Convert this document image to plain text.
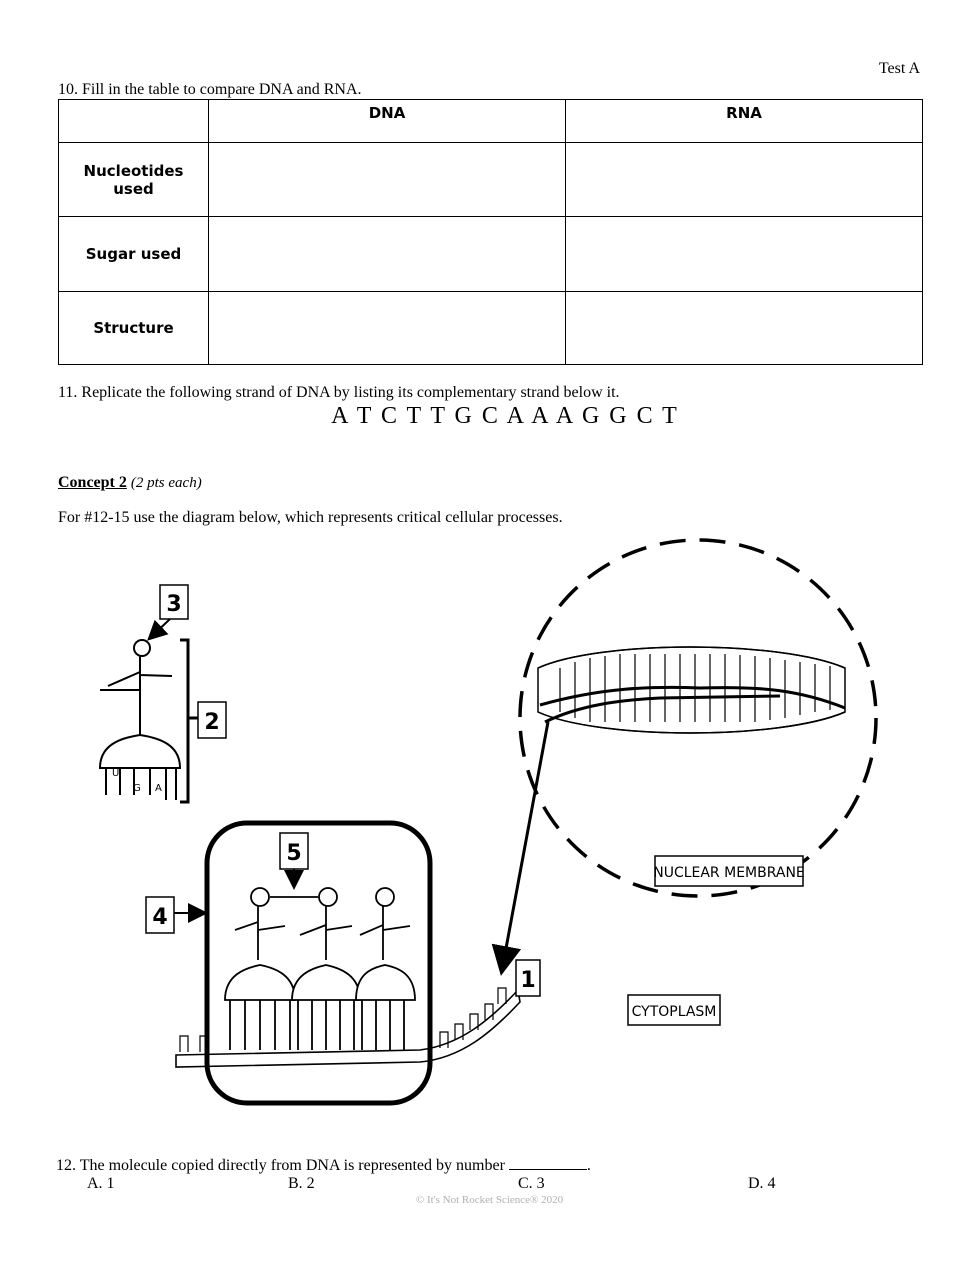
Test A
10. Fill in the table to compare DNA and RNA.
	DNA	RNA
Nucleotides used		
Sugar used		
Structure		
11. Replicate the following strand of DNA by listing its complementary strand below it.
A T C T T G C A A A G G C T
Concept 2 (2 pts each)
For #12-15 use the diagram below, which represents critical cellular processes.
U
G A
3
2
5
4
1
NUCLEAR MEMBRANE
CYTOPLASM
12. The molecule copied directly from DNA is represented by number	.
A. 1	B. 2	C. 3	D. 4
© It's Not Rocket Science® 2020
